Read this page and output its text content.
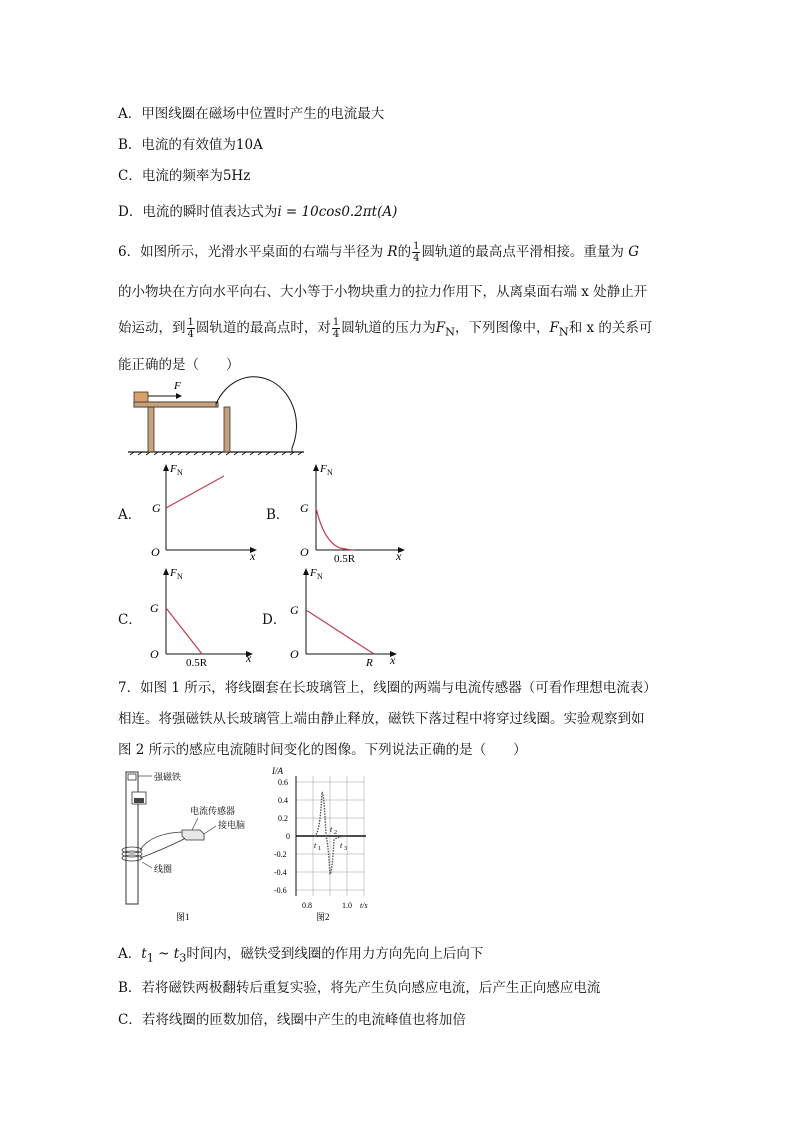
A．甲图线圈在磁场中位置时产生的电流最大
B．电流的有效值为10A
C．电流的频率为5Hz
D．电流的瞬时值表达式为i = 10cos0.2πt(A)
6．如图所示，光滑水平桌面的右端与半径为 R的 $\frac{1}{4}$ 圆轨道的最高点平滑相接。重量为 G
的小物块在方向水平向右、大小等于小物块重力的拉力作用下，从离桌面右端 x 处静止开
始运动，到 $\frac{1}{4}$ 圆轨道的最高点时，对 $\frac{1}{4}$ 圆轨道的压力为$F_N$，下列图像中，$F_N$和 x 的关系可
能正确的是（　　）
F
A．
F N
G
O	x
B．
F N
G
O	x
0.5R
C．
F N
G
O	x
0.5R
D．
F N
G
O	x
R
7．如图 1 所示，将线圈套在长玻璃管上，线圈的两端与电流传感器（可看作理想电流表）
相连。将强磁铁从长玻璃管上端由静止释放，磁铁下落过程中将穿过线圈。实验观察到如
图 2 所示的感应电流随时间变化的图像。下列说法正确的是（　　）
强磁铁
电流传感器
接电脑
线圈
图1
I/A
0.6
0.4
0.2
0
-0.2
-0.4
-0.6
0.8	1.0 t/s
t 1
t 2
t 3
图2
A．$t_1$ ~ $t_3$时间内，磁铁受到线圈的作用力方向先向上后向下
B．若将磁铁两极翻转后重复实验，将先产生负向感应电流，后产生正向感应电流
C．若将线圈的匝数加倍，线圈中产生的电流峰值也将加倍
